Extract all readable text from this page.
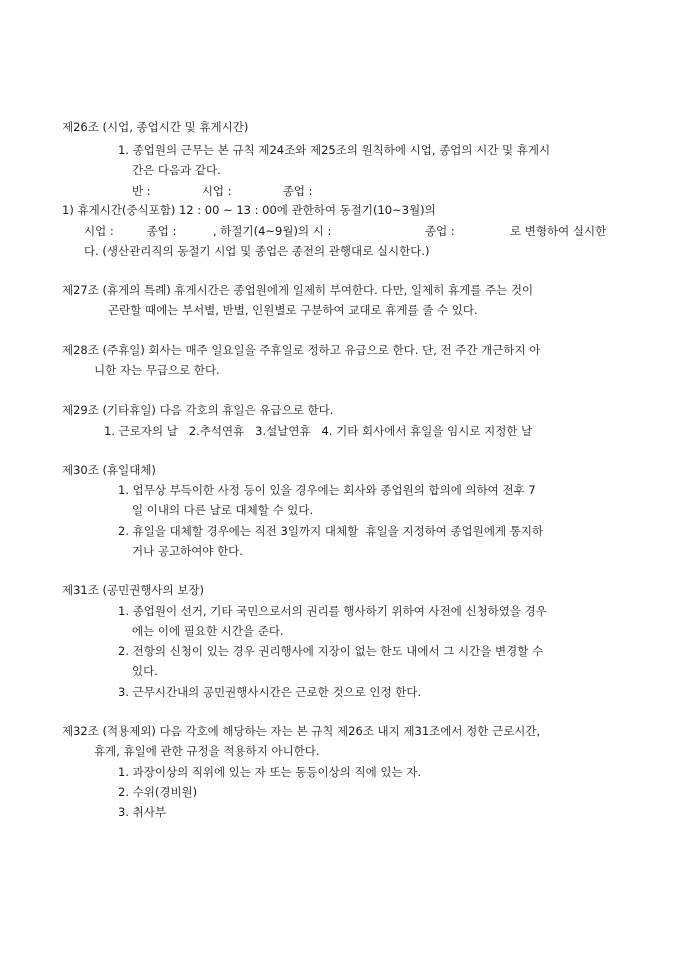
제26조 (시업, 종업시간 및 휴게시간)
1. 종업원의 근무는 본 규칙 제24조와 제25조의 원칙하에 시업, 종업의 시간 및 휴게시
간은 다음과 같다.
반 :              시업 :              종업 :
1) 휴게시간(중식포함) 12 : 00 ~ 13 : 00에 관한하여 동절기(10~3월)의
시업 :         종업 :          , 하절기(4~9월)의 시 :	종업 :	로 변형하여 실시한
다. (생산관리직의 동절기 시업 및 종업은 종전의 관행대로 실시한다.)
제27조 (휴게의 특례) 휴게시간은 종업원에게 일제히 부여한다. 다만, 일제히 휴게를 주는 것이
곤란할 때에는 부서별, 반별, 인원별로 구분하여 교대로 휴게를 줄 수 있다.
제28조 (주휴일) 회사는 매주 일요일을 주휴일로 정하고 유급으로 한다. 단, 전 주간 개근하지 아
니한 자는 무급으로 한다.
제29조 (기타휴일) 다음 각호의 휴일은 유급으로 한다.
1. 근로자의 날   2.추석연휴   3.설날연휴   4. 기타 회사에서 휴일을 임시로 지정한 날
제30조 (휴일대체)
1. 업무상 부득이한 사정 등이 있을 경우에는 회사와 종업원의 합의에 의하여 전후 7
일 이내의 다른 날로 대체할 수 있다.
2. 휴일을 대체할 경우에는 직전 3일까지 대체할  휴일을 지정하여 종업원에게 통지하
거나 공고하여야 한다.
제31조 (공민권행사의 보장)
1. 종업원이 선거, 기타 국민으로서의 권리를 행사하기 위하여 사전에 신청하였을 경우
에는 이에 필요한 시간을 준다.
2. 전항의 신청이 있는 경우 권리행사에 지장이 없는 한도 내에서 그 시간을 변경할 수
있다.
3. 근무시간내의 공민권행사시간은 근로한 것으로 인정 한다.
제32조 (적용제외) 다음 각호에 해당하는 자는 본 규칙 제26조 내지 제31조에서 정한 근로시간,
휴게, 휴일에 관한 규정을 적용하지 아니한다.
1. 과장이상의 직위에 있는 자 또는 동등이상의 직에 있는 자.
2. 수위(경비원)
3. 취사부
